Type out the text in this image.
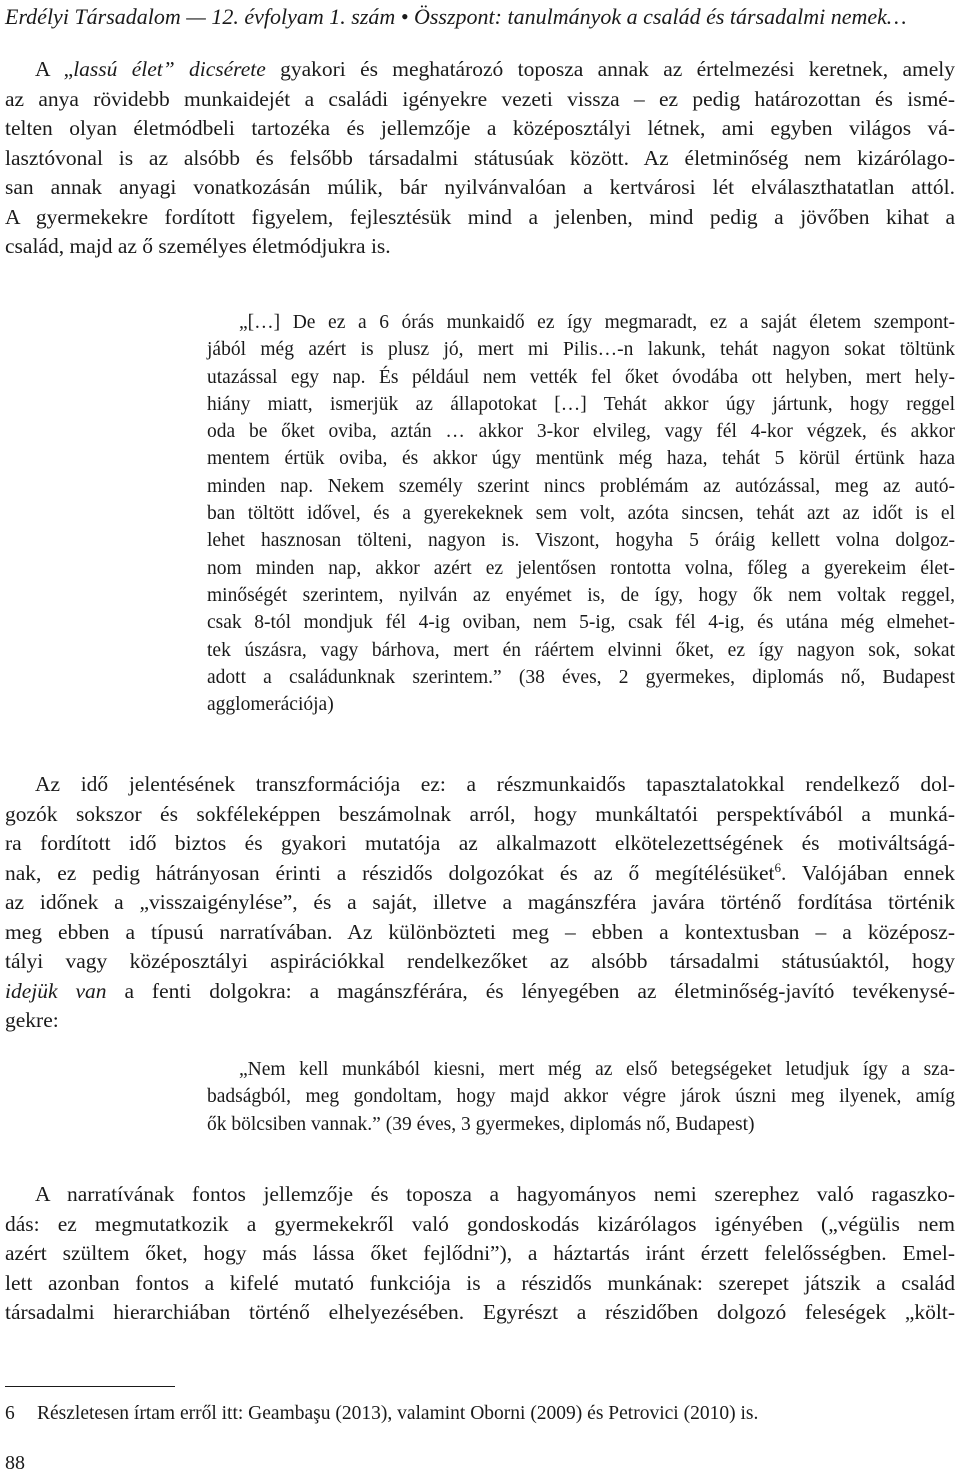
Erdélyi Társadalom — 12. évfolyam 1. szám • Összpont: tanulmányok a család és társadalmi nemek…
A „lassú élet” dicsérete gyakori és meghatározó toposza annak az értelmezési keretnek, amely
az anya rövidebb munkaidejét a családi igényekre vezeti vissza – ez pedig határozottan és ismé-
telten olyan életmódbeli tartozéka és jellemzője a középosztályi létnek, ami egyben világos vá-
lasztóvonal is az alsóbb és felsőbb társadalmi státusúak között. Az életminőség nem kizárólago-
san annak anyagi vonatkozásán múlik, bár nyilvánvalóan a kertvárosi lét elválaszthatatlan attól.
A gyermekekre fordított figyelem, fejlesztésük mind a jelenben, mind pedig a jövőben kihat a
család, majd az ő személyes életmódjukra is.
„[…] De ez a 6 órás munkaidő ez így megmaradt, ez a saját életem szempont-
jából még azért is plusz jó, mert mi Pilis…-n lakunk, tehát nagyon sokat töltünk
utazással egy nap. És például nem vették fel őket óvodába ott helyben, mert hely-
hiány miatt, ismerjük az állapotokat […] Tehát akkor úgy jártunk, hogy reggel
oda be őket oviba, aztán … akkor 3-kor elvileg, vagy fél 4-kor végzek, és akkor
mentem értük oviba, és akkor úgy mentünk még haza, tehát 5 körül értünk haza
minden nap. Nekem személy szerint nincs problémám az autózással, meg az autó-
ban töltött idővel, és a gyerekeknek sem volt, azóta sincsen, tehát azt az időt is el
lehet hasznosan tölteni, nagyon is. Viszont, hogyha 5 óráig kellett volna dolgoz-
nom minden nap, akkor azért ez jelentősen rontotta volna, főleg a gyerekeim élet-
minőségét szerintem, nyilván az enyémet is, de így, hogy ők nem voltak reggel,
csak 8-tól mondjuk fél 4-ig oviban, nem 5-ig, csak fél 4-ig, és utána még elmehet-
tek úszásra, vagy bárhova, mert én ráértem elvinni őket, ez így nagyon sok, sokat
adott a családunknak szerintem.” (38 éves, 2 gyermekes, diplomás nő, Budapest
agglomerációja)
Az idő jelentésének transzformációja ez: a részmunkaidős tapasztalatokkal rendelkező dol-
gozók sokszor és sokféleképpen beszámolnak arról, hogy munkáltatói perspektívából a munká-
ra fordított idő biztos és gyakori mutatója az alkalmazott elkötelezettségének és motiváltságá-
nak, ez pedig hátrányosan érinti a részidős dolgozókat és az ő megítélésüket$^6$. Valójában ennek
az időnek a „visszaigénylése”, és a saját, illetve a magánszféra javára történő fordítása történik
meg ebben a típusú narratívában. Az különbözteti meg – ebben a kontextusban – a középosz-
tályi vagy középosztályi aspirációkkal rendelkezőket az alsóbb társadalmi státusúaktól, hogy
idejük van a fenti dolgokra: a magánszférára, és lényegében az életminőség-javító tevékenysé-
gekre:
„Nem kell munkából kiesni, mert még az első betegségeket letudjuk így a sza-
badságból, meg gondoltam, hogy majd akkor végre járok úszni meg ilyenek, amíg
ők bölcsiben vannak.” (39 éves, 3 gyermekes, diplomás nő, Budapest)
A narratívának fontos jellemzője és toposza a hagyományos nemi szerephez való ragaszko-
dás: ez megmutatkozik a gyermekekről való gondoskodás kizárólagos igényében („végülis nem
azért szültem őket, hogy más lássa őket fejlődni”), a háztartás iránt érzett felelősségben. Emel-
lett azonban fontos a kifelé mutató funkciója is a részidős munkának: szerepet játszik a család
társadalmi hierarchiában történő elhelyezésében. Egyrészt a részidőben dolgozó feleségek „költ-
6 Részletesen írtam erről itt: Geambaşu (2013), valamint Oborni (2009) és Petrovici (2010) is.
88
